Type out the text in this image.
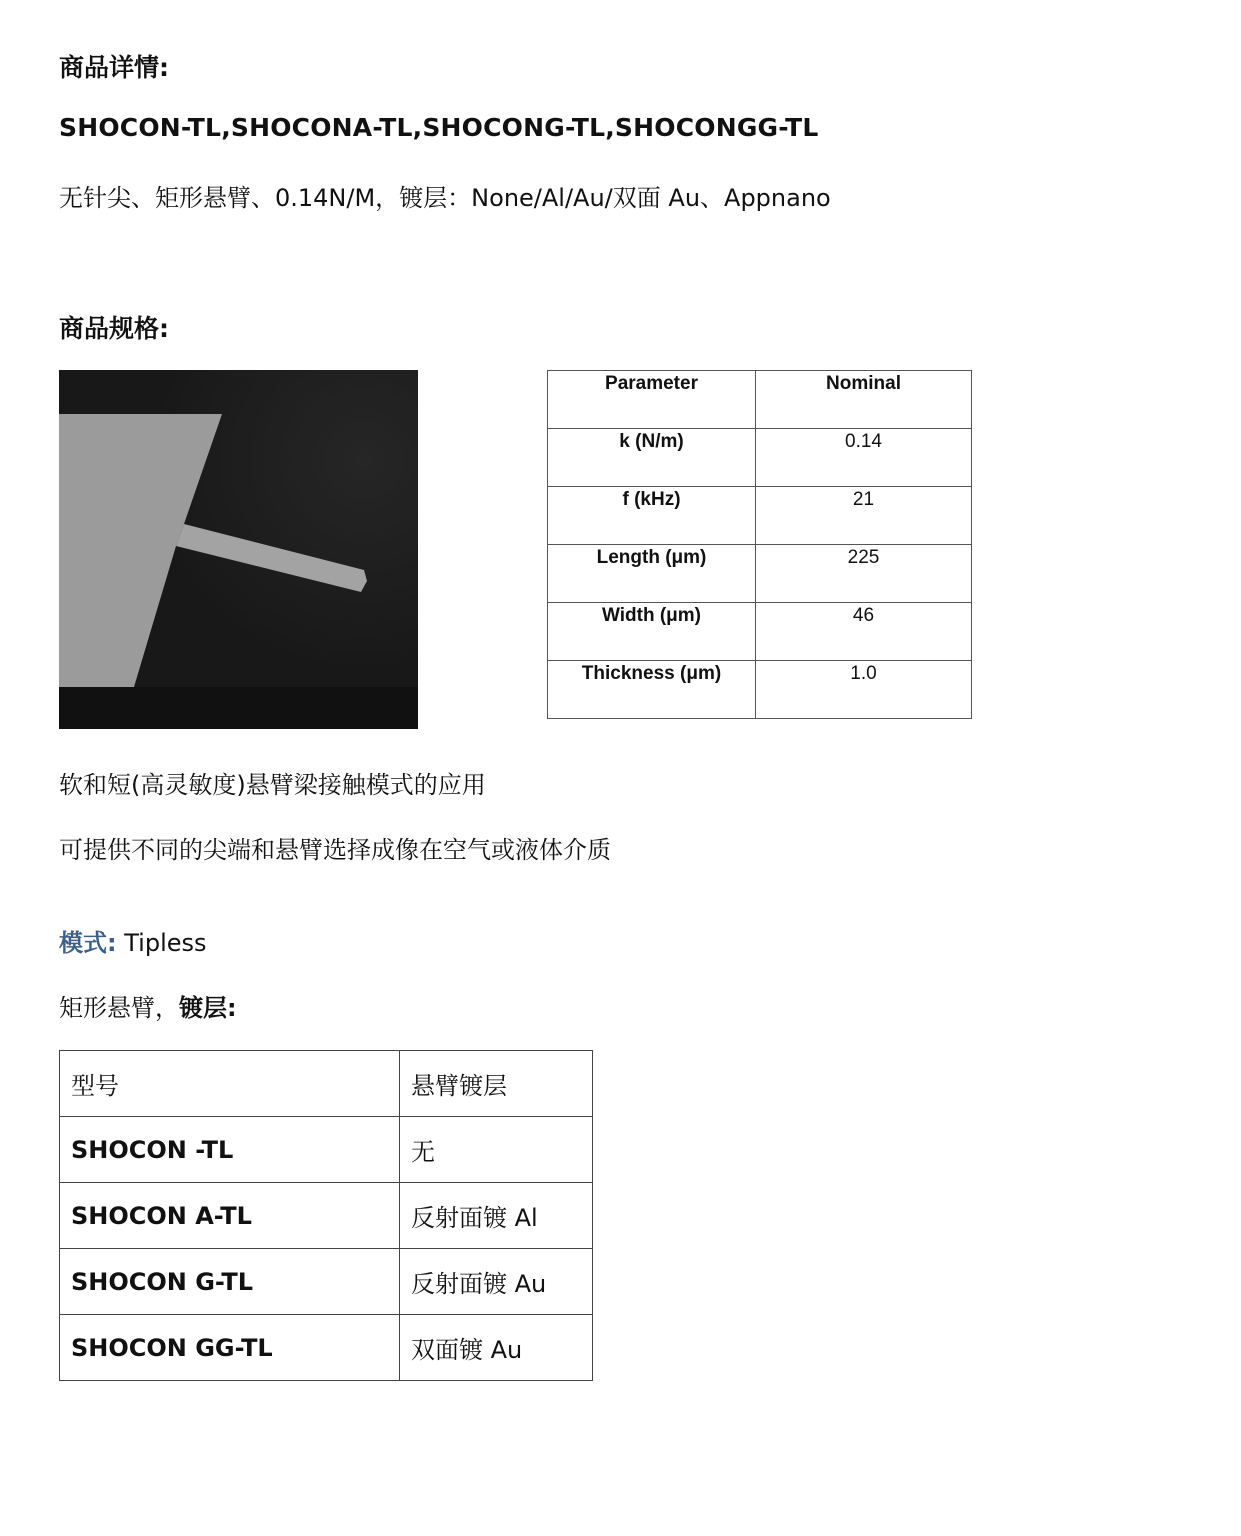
商品详情:
SHOCON-TL,SHOCONA-TL,SHOCONG-TL,SHOCONGG-TL
无针尖、矩形悬臂、0.14N/M，镀层：None/Al/Au/双面 Au、Appnano
商品规格:
Parameter	Nominal
k (N/m)	0.14
f (kHz)	21
Length (μm)	225
Width (μm)	46
Thickness (μm)	1.0
软和短(高灵敏度)悬臂梁接触模式的应用
可提供不同的尖端和悬臂选择成像在空气或液体介质
模式: Tipless
矩形悬臂，镀层:
型号	悬臂镀层
SHOCON -TL	无
SHOCON A-TL	反射面镀 Al
SHOCON G-TL	反射面镀 Au
SHOCON GG-TL	双面镀 Au
